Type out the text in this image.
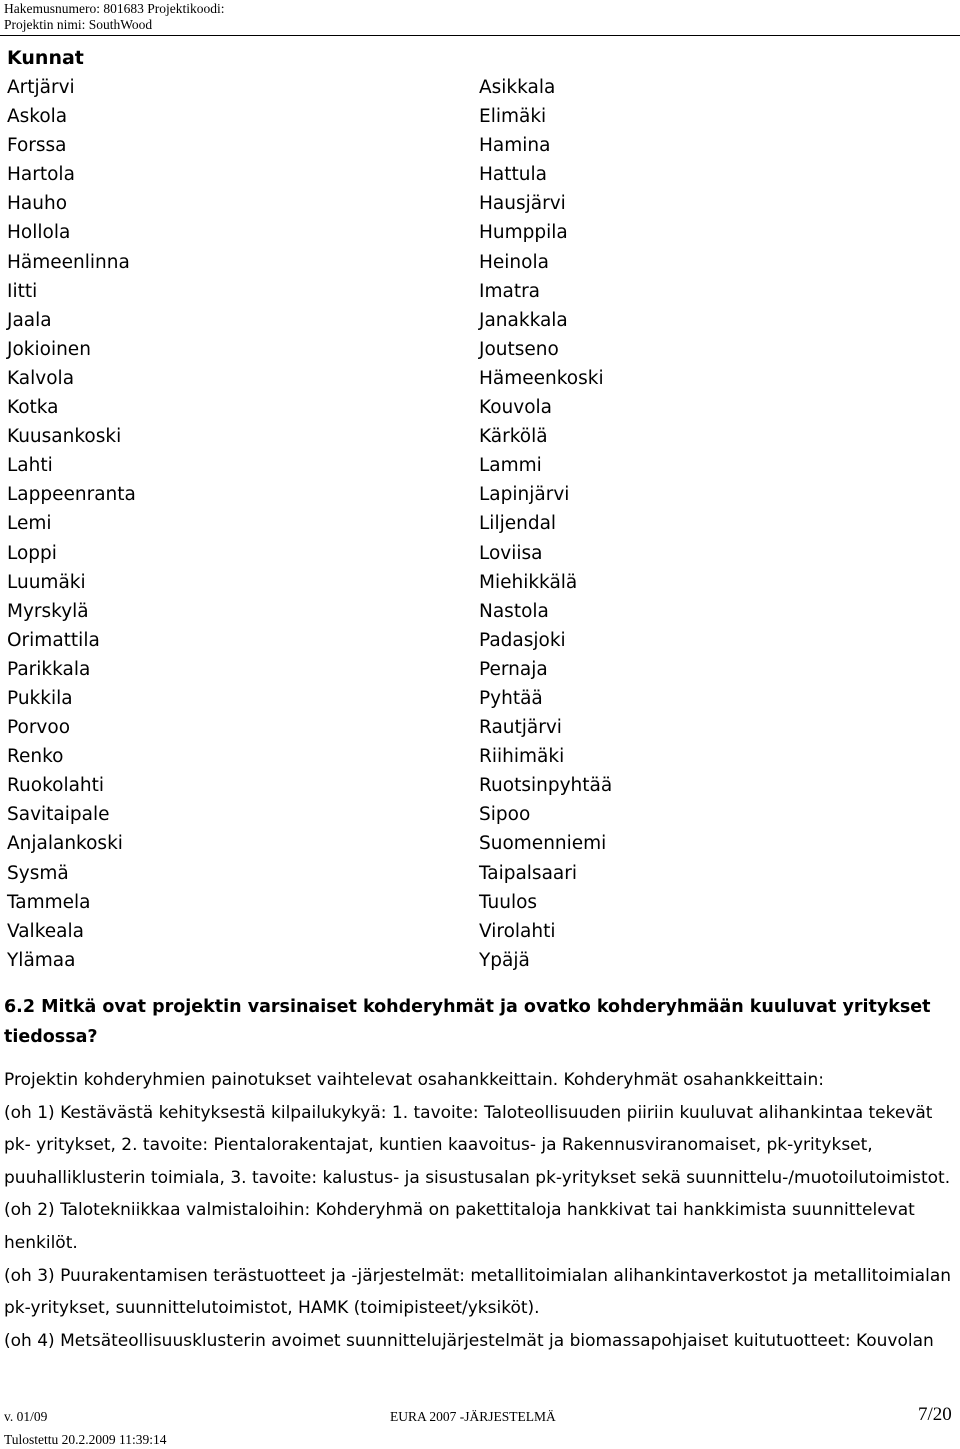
Hakemusnumero: 801683 Projektikoodi:
Projektin nimi: SouthWood
Kunnat
Artjärvi
Askola
Forssa
Hartola
Hauho
Hollola
Hämeenlinna
Iitti
Jaala
Jokioinen
Kalvola
Kotka
Kuusankoski
Lahti
Lappeenranta
Lemi
Loppi
Luumäki
Myrskylä
Orimattila
Parikkala
Pukkila
Porvoo
Renko
Ruokolahti
Savitaipale
Anjalankoski
Sysmä
Tammela
Valkeala
Ylämaa
Asikkala
Elimäki
Hamina
Hattula
Hausjärvi
Humppila
Heinola
Imatra
Janakkala
Joutseno
Hämeenkoski
Kouvola
Kärkölä
Lammi
Lapinjärvi
Liljendal
Loviisa
Miehikkälä
Nastola
Padasjoki
Pernaja
Pyhtää
Rautjärvi
Riihimäki
Ruotsinpyhtää
Sipoo
Suomenniemi
Taipalsaari
Tuulos
Virolahti
Ypäjä
6.2 Mitkä ovat projektin varsinaiset kohderyhmät ja ovatko kohderyhmään kuuluvat yritykset tiedossa?

Projektin kohderyhmien painotukset vaihtelevat osahankkeittain. Kohderyhmät osahankkeittain:

(oh 1) Kestävästä kehityksestä kilpailukykyä: 1. tavoite: Taloteollisuuden piiriin kuuluvat alihankintaa tekevät pk- yritykset, 2. tavoite: Pientalorakentajat, kuntien kaavoitus- ja Rakennusviranomaiset, pk-yritykset, puuhalliklusterin toimiala, 3. tavoite: kalustus- ja sisustusalan pk-yritykset sekä suunnittelu-/muotoilutoimistot.

(oh 2) Talotekniikkaa valmistaloihin: Kohderyhmä on pakettitaloja hankkivat tai hankkimista suunnittelevat henkilöt.

(oh 3) Puurakentamisen terästuotteet ja -järjestelmät: metallitoimialan alihankintaverkostot ja metallitoimialan pk-yritykset, suunnittelutoimistot, HAMK (toimipisteet/yksiköt).

(oh 4) Metsäteollisuusklusterin avoimet suunnittelujärjestelmät ja biomassapohjaiset kuitutuotteet: Kouvolan

v. 01/09	EURA 2007 -JÄRJESTELMÄ	7/20
Tulostettu 20.2.2009 11:39:14
